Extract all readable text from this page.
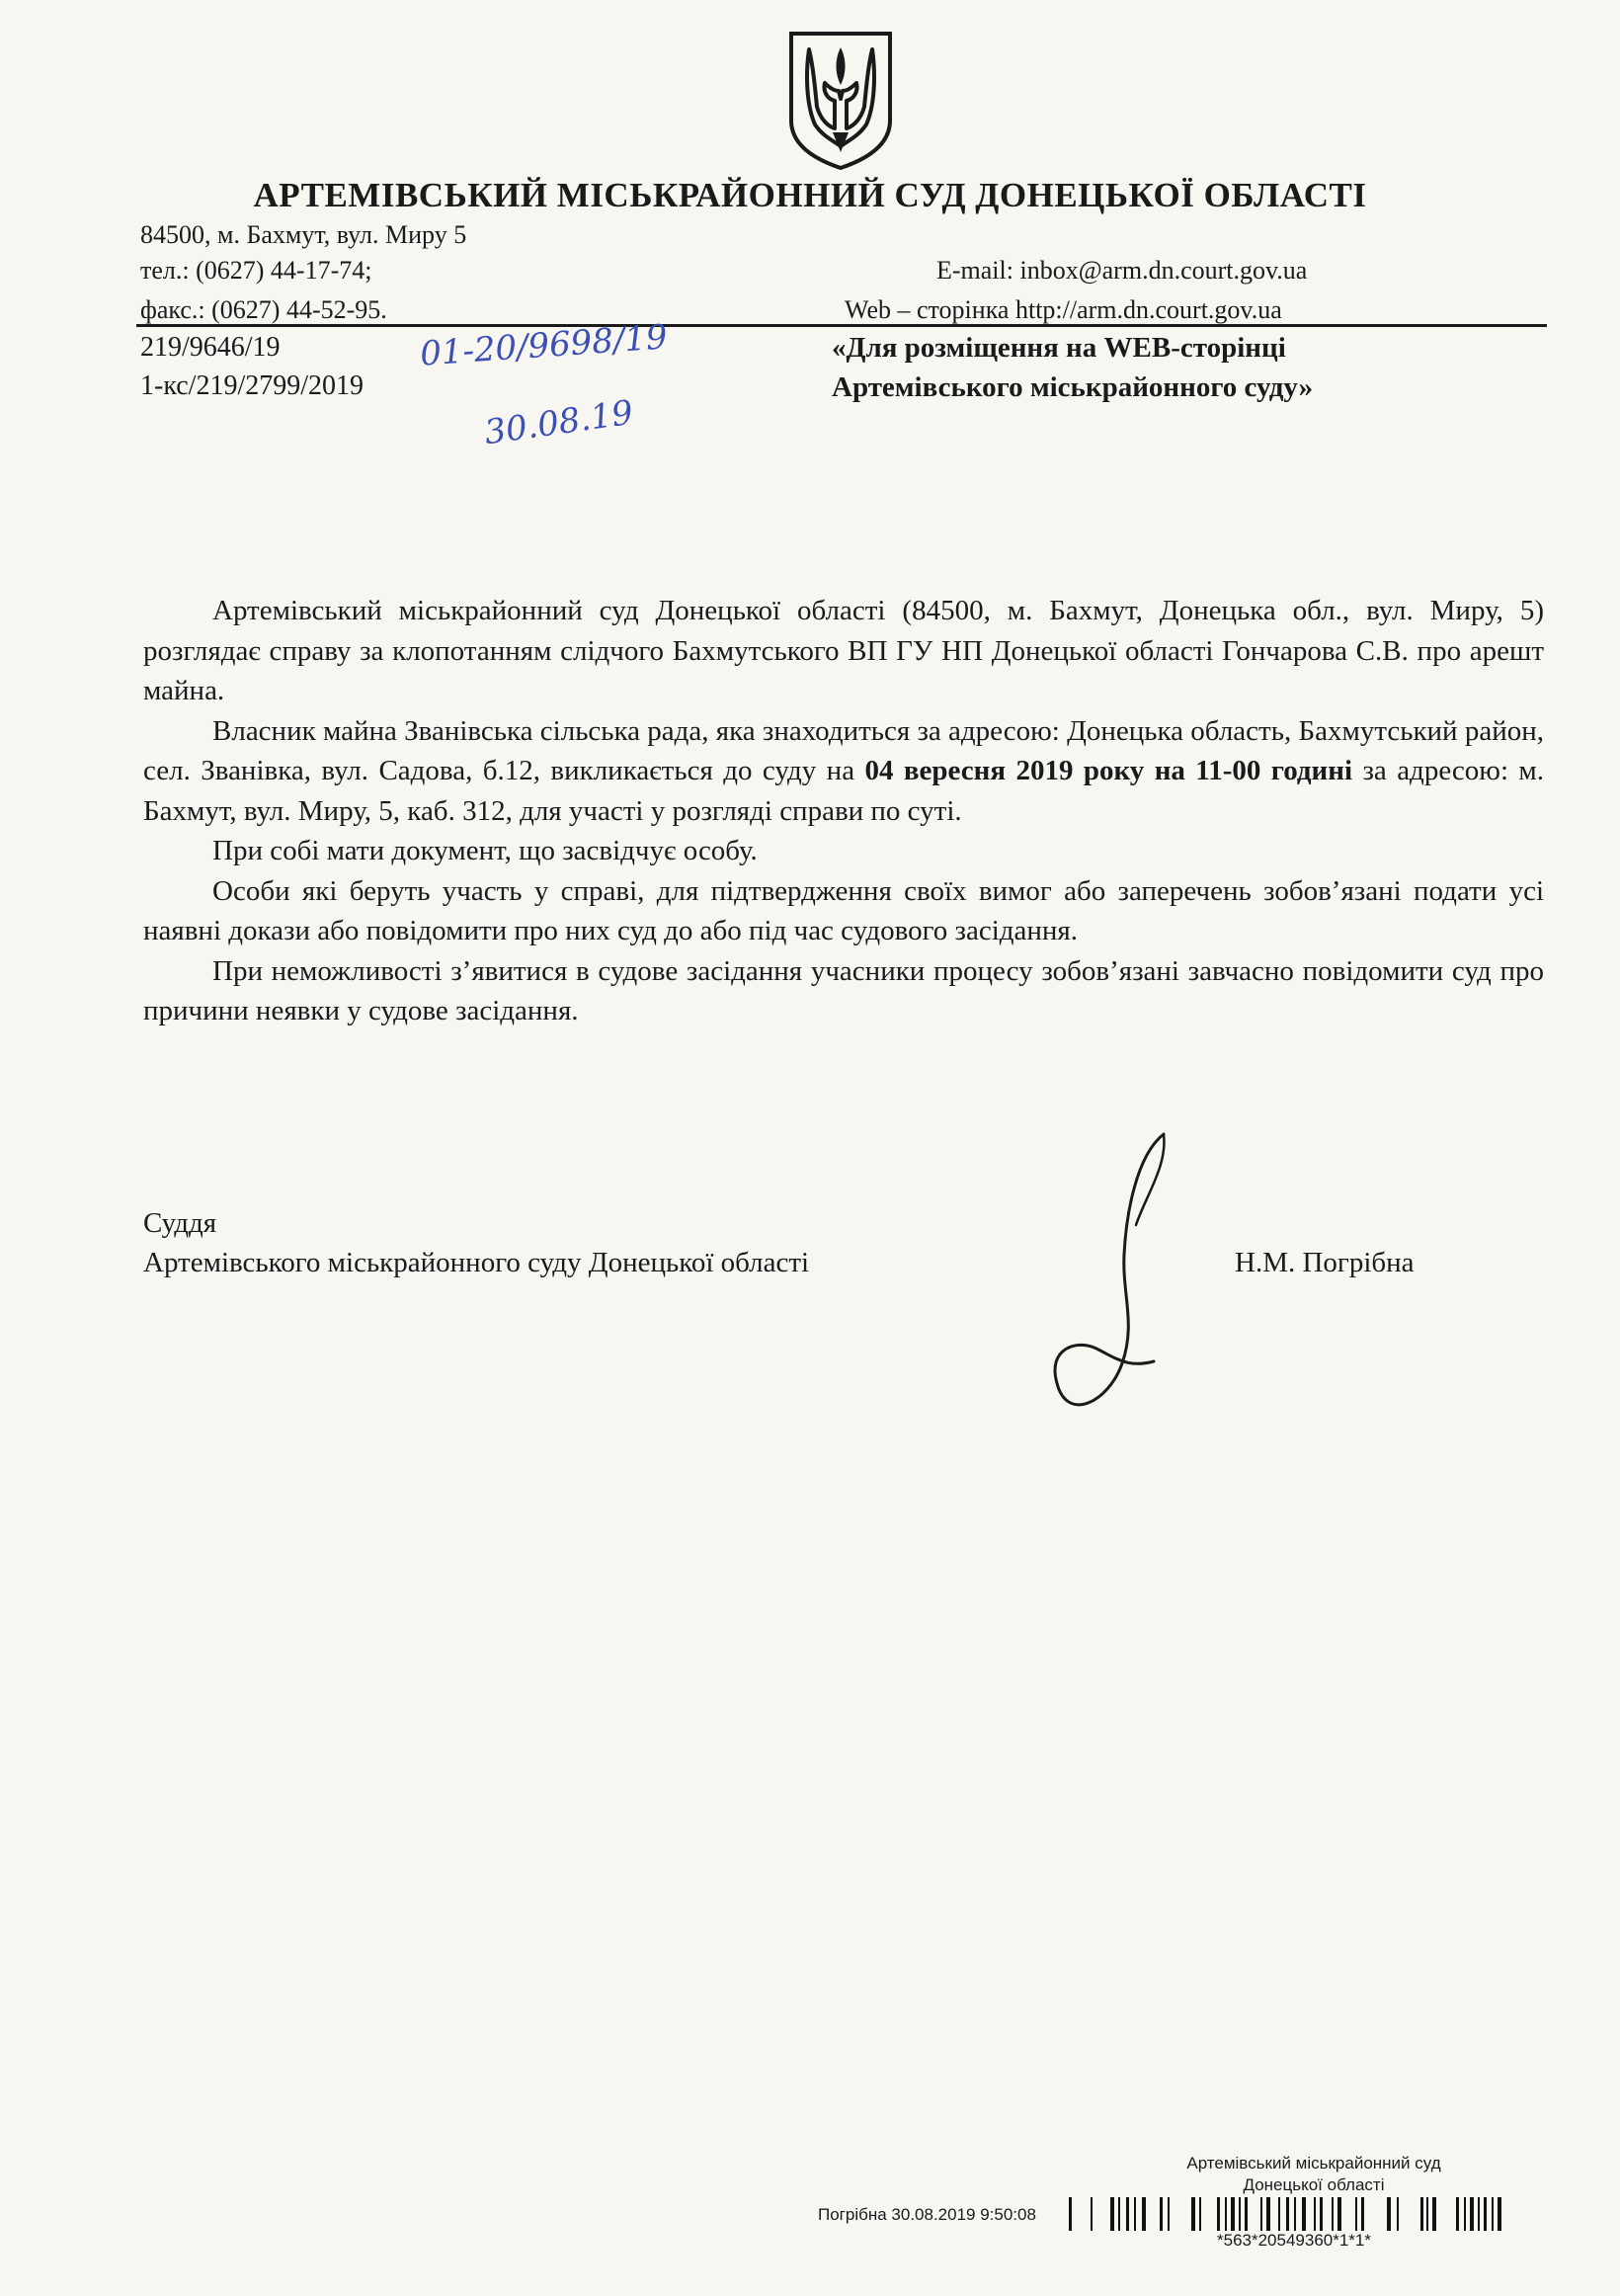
АРТЕМІВСЬКИЙ МІСЬКРАЙОННИЙ СУД ДОНЕЦЬКОЇ ОБЛАСТІ
84500, м. Бахмут, вул. Миру 5
тел.: (0627) 44-17-74;
факс.: (0627) 44-52-95.
E-mail: inbox@arm.dn.court.gov.ua
Web – сторінка http://arm.dn.court.gov.ua
219/9646/19
1-кс/219/2799/2019
«Для розміщення на WEB-сторінці
Артемівського міськрайонного суду»
01-20/9698/19
30.08.19

Артемівський міськрайонний суд Донецької області (84500, м. Бахмут, Донецька обл., вул. Миру, 5) розглядає справу за клопотанням слідчого Бахмутського ВП ГУ НП Донецької області Гончарова С.В. про арешт майна.

Власник майна Званівська сільська рада, яка знаходиться за адресою: Донецька область, Бахмутський район, сел. Званівка, вул. Садова, б.12, викликається до суду на 04 вересня 2019 року на 11-00 годині за адресою: м. Бахмут, вул. Миру, 5, каб. 312, для участі у розгляді справи по суті.

При собі мати документ, що засвідчує особу.

Особи які беруть участь у справі, для підтвердження своїх вимог або заперечень зобов’язані подати усі наявні докази або повідомити про них суд до або під час судового засідання.

При неможливості з’явитися в судове засідання учасники процесу зобов’язані завчасно повідомити суд про причини неявки у судове засідання.

Суддя
Артемівського міськрайонного суду Донецької області	Н.М. Погрібна
Артемівський міськрайонний суд
Донецької області
Погрібна 30.08.2019 9:50:08
*563*20549360*1*1*
